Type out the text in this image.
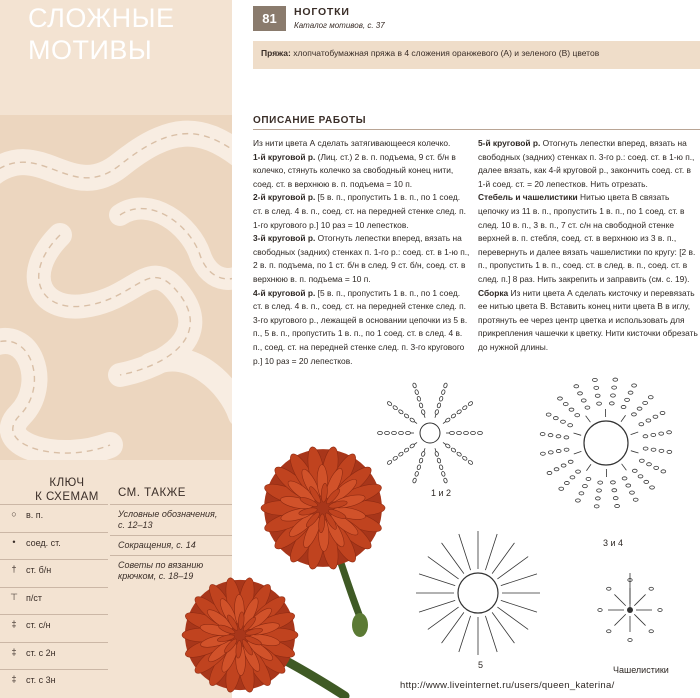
СЛОЖНЫЕ
МОТИВЫ
КЛЮЧ
К СХЕМАМ
○	в. п.
•	соед. ст.
†	ст. б/н
⊤ п/ст
‡	ст. с/н
‡	ст. с 2н
‡	ст. с 3н
СМ. ТАКЖЕ
Условные обозначения, с. 12–13
Сокращения, с. 14
Советы по вязанию крючком, с. 18–19
81	НОГОТКИ
Каталог мотивов, с. 37
Пряжа: хлопчатобумажная пряжа в 4 сложения оранжевого (А) и зеленого (В) цветов
ОПИСАНИЕ РАБОТЫ

Из нити цвета А сделать затягивающееся колечко.

1-й круговой р. (Лиц. ст.) 2 в. п. подъема, 9 ст. б/н в колечко, стянуть колечко за свободный конец нити, соед. ст. в верхнюю в. п. подъема = 10 п.

2-й круговой р. [5 в. п., пропустить 1 в. п., по 1 соед. ст. в след. 4 в. п., соед. ст. на передней стенке след. п. 1-го кругового р.] 10 раз = 10 лепестков.

3-й круговой р. Отогнуть лепестки вперед, вязать на свободных (задних) стенках п. 1-го р.: соед. ст. в 1-ю п., 2 в. п. подъема, по 1 ст. б/н в след. 9 ст. б/н, соед. ст. в верхнюю в. п. подъема = 10 п.

4-й круговой р. [5 в. п., пропустить 1 в. п., по 1 соед. ст. в след. 4 в. п., соед. ст. на передней стенке след. п. 3-го кругового р., лежащей в основании цепочки из 5 в. п., 5 в. п., пропустить 1 в. п., по 1 соед. ст. в след. 4 в. п., соед. ст. на передней стенке след. п. 3-го кругового р.] 10 раз = 20 лепестков.

5-й круговой р. Отогнуть лепестки вперед, вязать на свободных (задних) стенках п. 3-го р.: соед. ст. в 1-ю п., далее вязать, как 4-й круговой р., закончить соед. ст. в 1-й соед. ст. = 20 лепестков. Нить отрезать.

Стебель и чашелистики Нитью цвета В связать цепочку из 11 в. п., пропустить 1 в. п., по 1 соед. ст. в след. 10 в. п., 3 в. п., 7 ст. с/н на свободной стенке верхней в. п. стебля, соед. ст. в верхнюю из 3 в. п., перевернуть и далее вязать чашелистики по кругу: [2 в. п., пропустить 1 в. п., соед. ст. в след. в. п., соед. ст. в след. п.] 8 раз. Нить закрепить и заправить (см. с. 19).

Сборка Из нити цвета А сделать кисточку и перевязать ее нитью цвета В. Вставить конец нити цвета В в иглу, протянуть ее через центр цветка и использовать для прикрепления чашечки к цветку. Нити кисточки обрезать до нужной длины.

1 и 2
3 и 4
5	Чашелистики
http://www.liveinternet.ru/users/queen_katerina/
